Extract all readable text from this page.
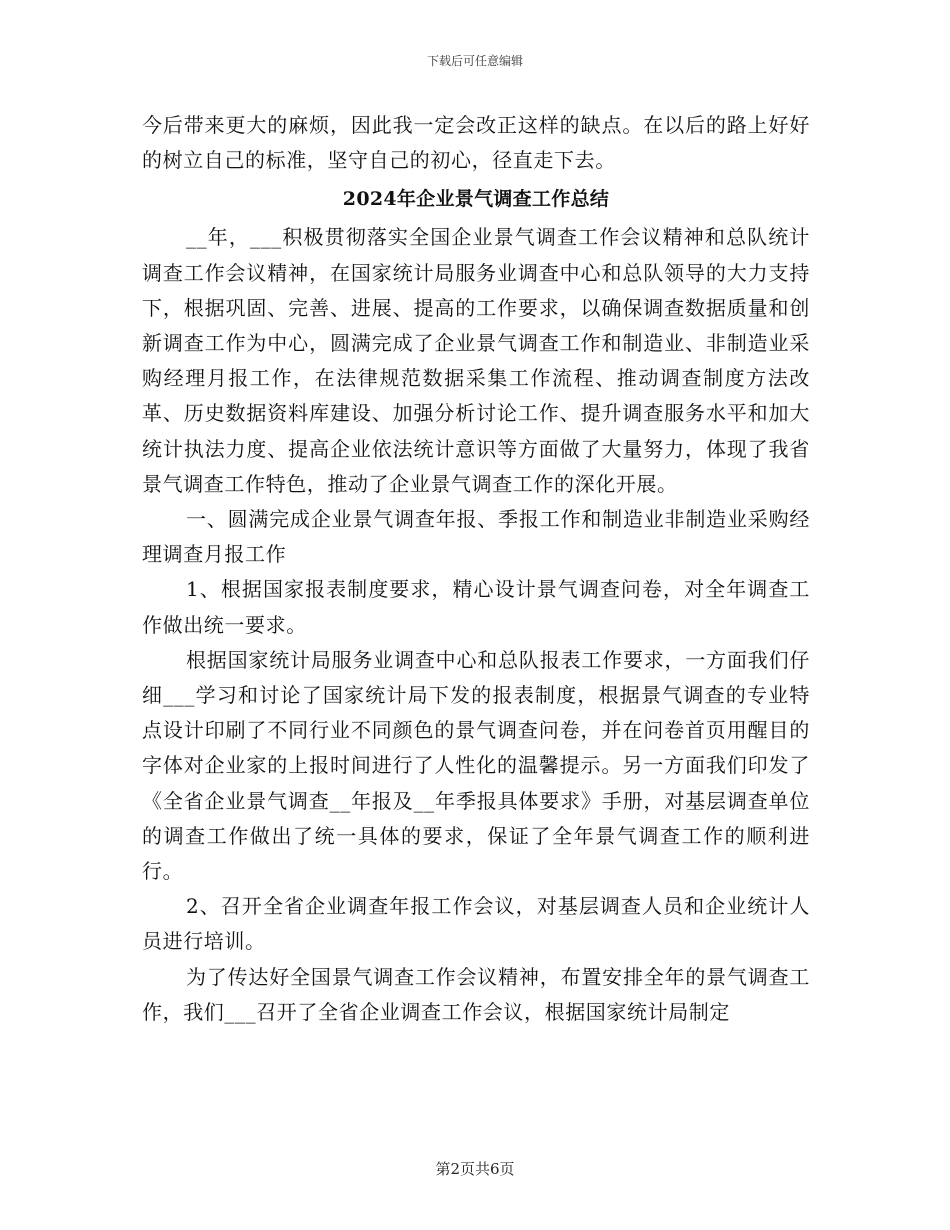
下载后可任意编辑

今后带来更大的麻烦，因此我一定会改正这样的缺点。在以后的路上好好的树立自己的标准，坚守自己的初心，径直走下去。

2024年企业景气调查工作总结

__年，___积极贯彻落实全国企业景气调查工作会议精神和总队统计调查工作会议精神，在国家统计局服务业调查中心和总队领导的大力支持下，根据巩固、完善、进展、提高的工作要求，以确保调查数据质量和创新调查工作为中心，圆满完成了企业景气调查工作和制造业、非制造业采购经理月报工作，在法律规范数据采集工作流程、推动调查制度方法改革、历史数据资料库建设、加强分析讨论工作、提升调查服务水平和加大统计执法力度、提高企业依法统计意识等方面做了大量努力，体现了我省景气调查工作特色，推动了企业景气调查工作的深化开展。

一、圆满完成企业景气调查年报、季报工作和制造业非制造业采购经理调查月报工作

1、根据国家报表制度要求，精心设计景气调查问卷，对全年调查工作做出统一要求。

根据国家统计局服务业调查中心和总队报表工作要求，一方面我们仔细___学习和讨论了国家统计局下发的报表制度，根据景气调查的专业特点设计印刷了不同行业不同颜色的景气调查问卷，并在问卷首页用醒目的字体对企业家的上报时间进行了人性化的温馨提示。另一方面我们印发了《全省企业景气调查__年报及__年季报具体要求》手册，对基层调查单位的调查工作做出了统一具体的要求，保证了全年景气调查工作的顺利进行。

2、召开全省企业调查年报工作会议，对基层调查人员和企业统计人员进行培训。

为了传达好全国景气调查工作会议精神，布置安排全年的景气调查工作，我们___召开了全省企业调查工作会议，根据国家统计局制定

第2页共6页
